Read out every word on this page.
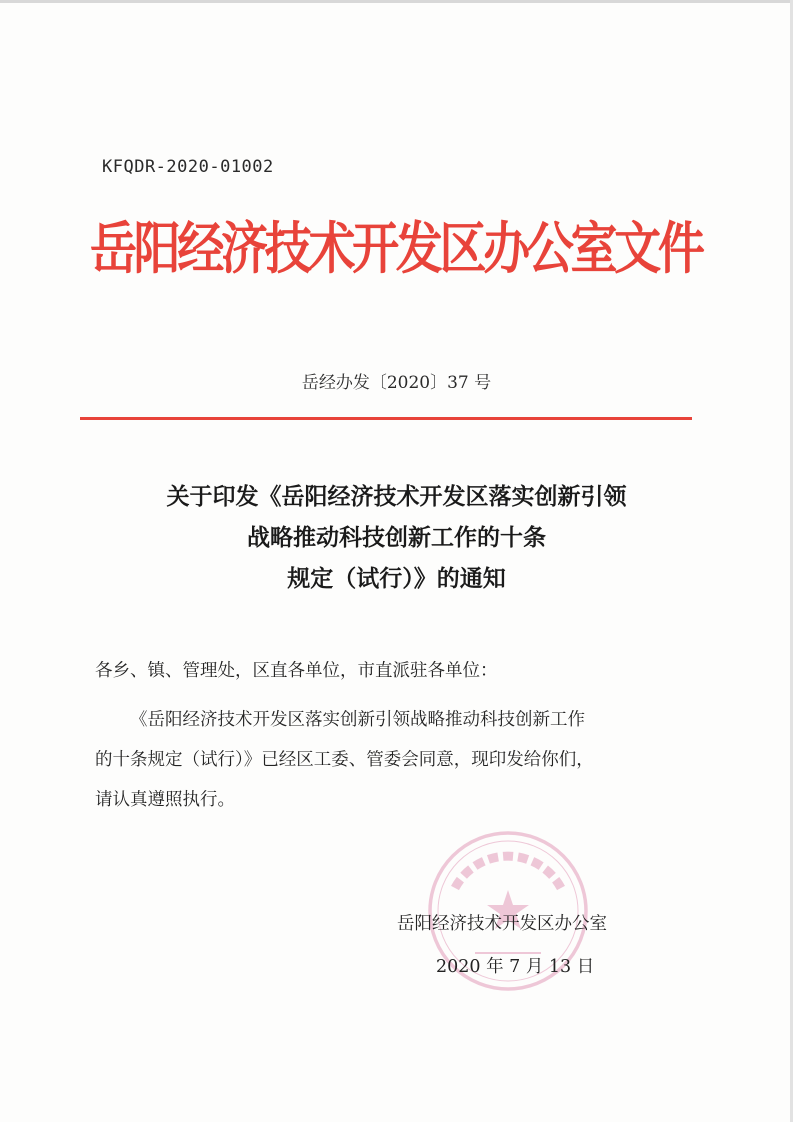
KFQDR-2020-01002
岳阳经济技术开发区办公室文件
岳经办发〔2020〕37 号
关于印发《岳阳经济技术开发区落实创新引领
战略推动科技创新工作的十条
规定（试行）》的通知
各乡、镇、管理处，区直各单位，市直派驻各单位：
《岳阳经济技术开发区落实创新引领战略推动科技创新工作
的十条规定（试行）》已经区工委、管委会同意，现印发给你们，
请认真遵照执行。
岳阳经济技术开发区办公室
2020 年 7 月 13 日
